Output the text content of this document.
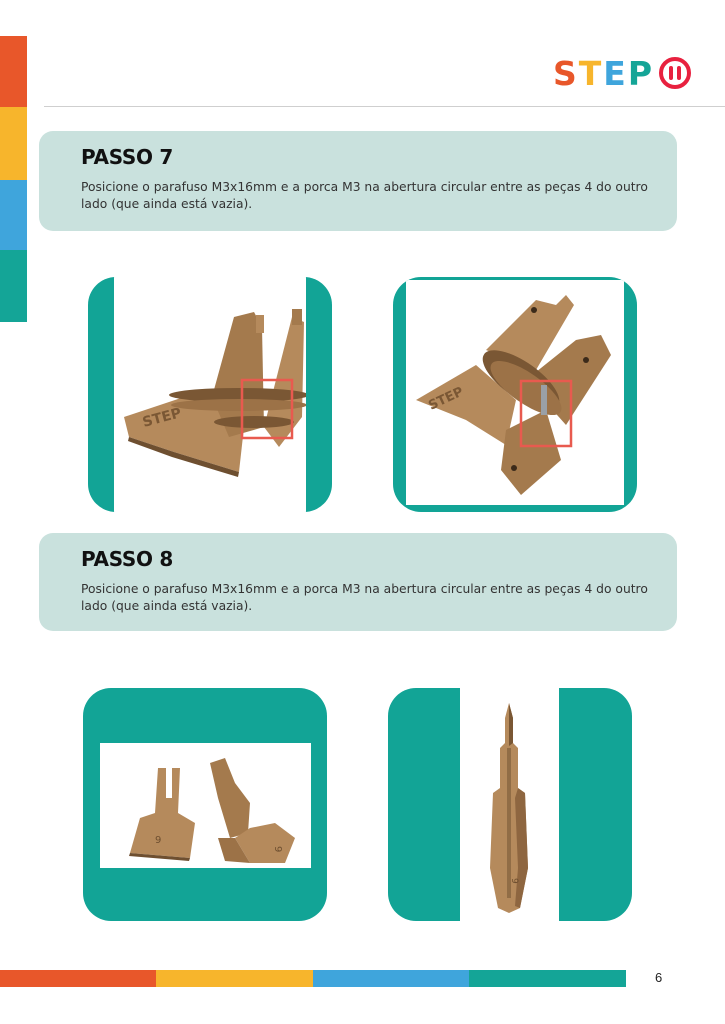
STEP
PASSO 7
Posicione o parafuso M3x16mm e a porca M3 na abertura circular entre as peças 4 do outro lado (que ainda está vazia).
STEP
STEP
PASSO 8
Posicione o parafuso M3x16mm e a porca M3 na abertura circular entre as peças 4 do outro lado (que ainda está vazia).
9
9
9
6
